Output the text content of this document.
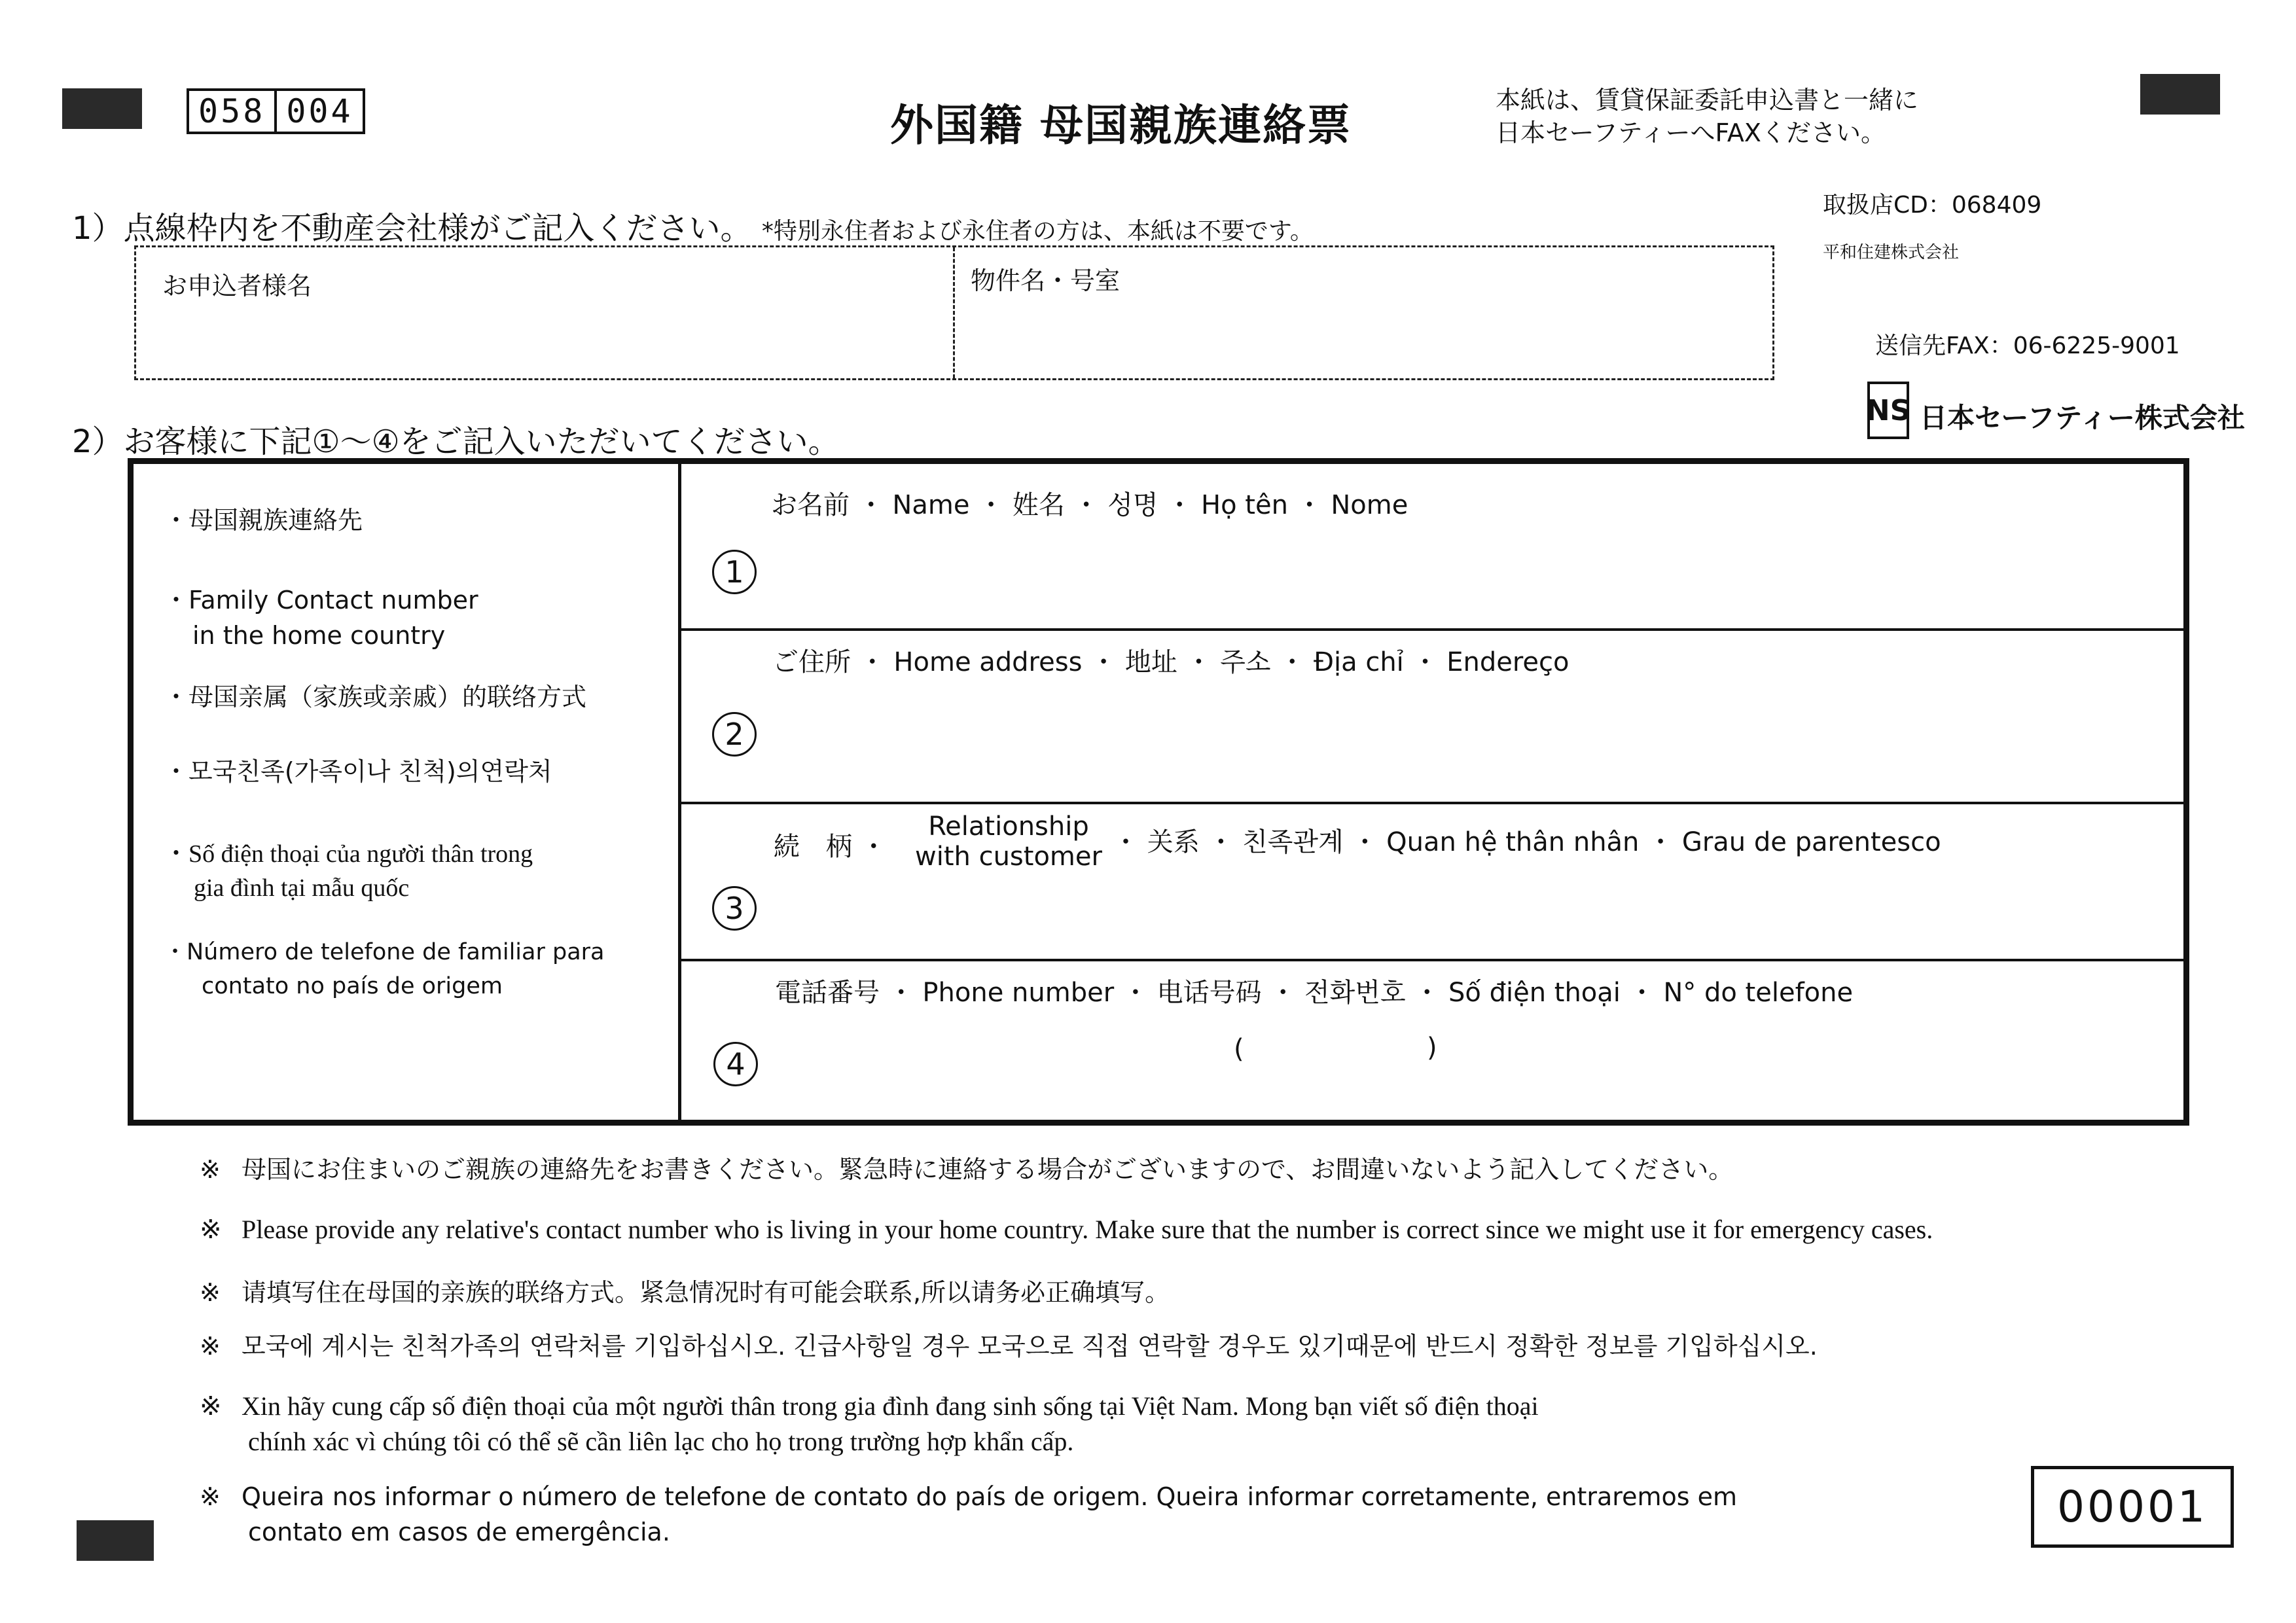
058 004	外国籍 母国親族連絡票	本紙は、賃貸保証委託申込書と一緒に
日本セーフティーへFAXください。
1）点線枠内を不動産会社様がご記入ください。 *特別永住者および永住者の方は、本紙は不要です。
取扱店CD：068409
平和住建株式会社
送信先FAX：06-6225-9001
お申込者様名	物件名・号室
NS 日本セーフティー株式会社
2）お客様に下記①～④をご記入いただいてください。
・母国親族連絡先
・Family Contact number
in the home country
・母国亲属（家族或亲戚）的联络方式
・모국친족(가족이나 친척)의연락처
・Số điện thoại của người thân trong
gia đình tại mẫu quốc
・Número de telefone de familiar para
contato no país de origem
お名前 ・ Name ・ 姓名 ・ 성명 ・ Họ tên ・ Nome
1
ご住所 ・ Home address ・ 地址 ・ 주소 ・ Địa chỉ ・ Endereço
2
続　柄 ・
Relationship
with customer ・ 关系 ・ 친족관계 ・ Quan hệ thân nhân ・ Grau de parentesco
3
電話番号 ・ Phone number ・ 电话号码 ・ 전화번호 ・ Số điện thoại ・ N° do telefone
4	(	)
※ 母国にお住まいのご親族の連絡先をお書きください。緊急時に連絡する場合がございますので、お間違いないよう記入してください。
※ Please provide any relative's contact number who is living in your home country. Make sure that the number is correct since we might use it for emergency cases.
※ 请填写住在母国的亲族的联络方式。紧急情况时有可能会联系,所以请务必正确填写。
※ 모국에 계시는 친척가족의 연락처를 기입하십시오. 긴급사항일 경우 모국으로 직접 연락할 경우도 있기때문에 반드시 정확한 정보를 기입하십시오.
※ Xin hãy cung cấp số điện thoại của một người thân trong gia đình đang sinh sống tại Việt Nam. Mong bạn viết số điện thoại
chính xác vì chúng tôi có thể sẽ cần liên lạc cho họ trong trường hợp khẩn cấp.
※ Queira nos informar o número de telefone de contato do país de origem. Queira informar corretamente, entraremos em
contato em casos de emergência.	00001
